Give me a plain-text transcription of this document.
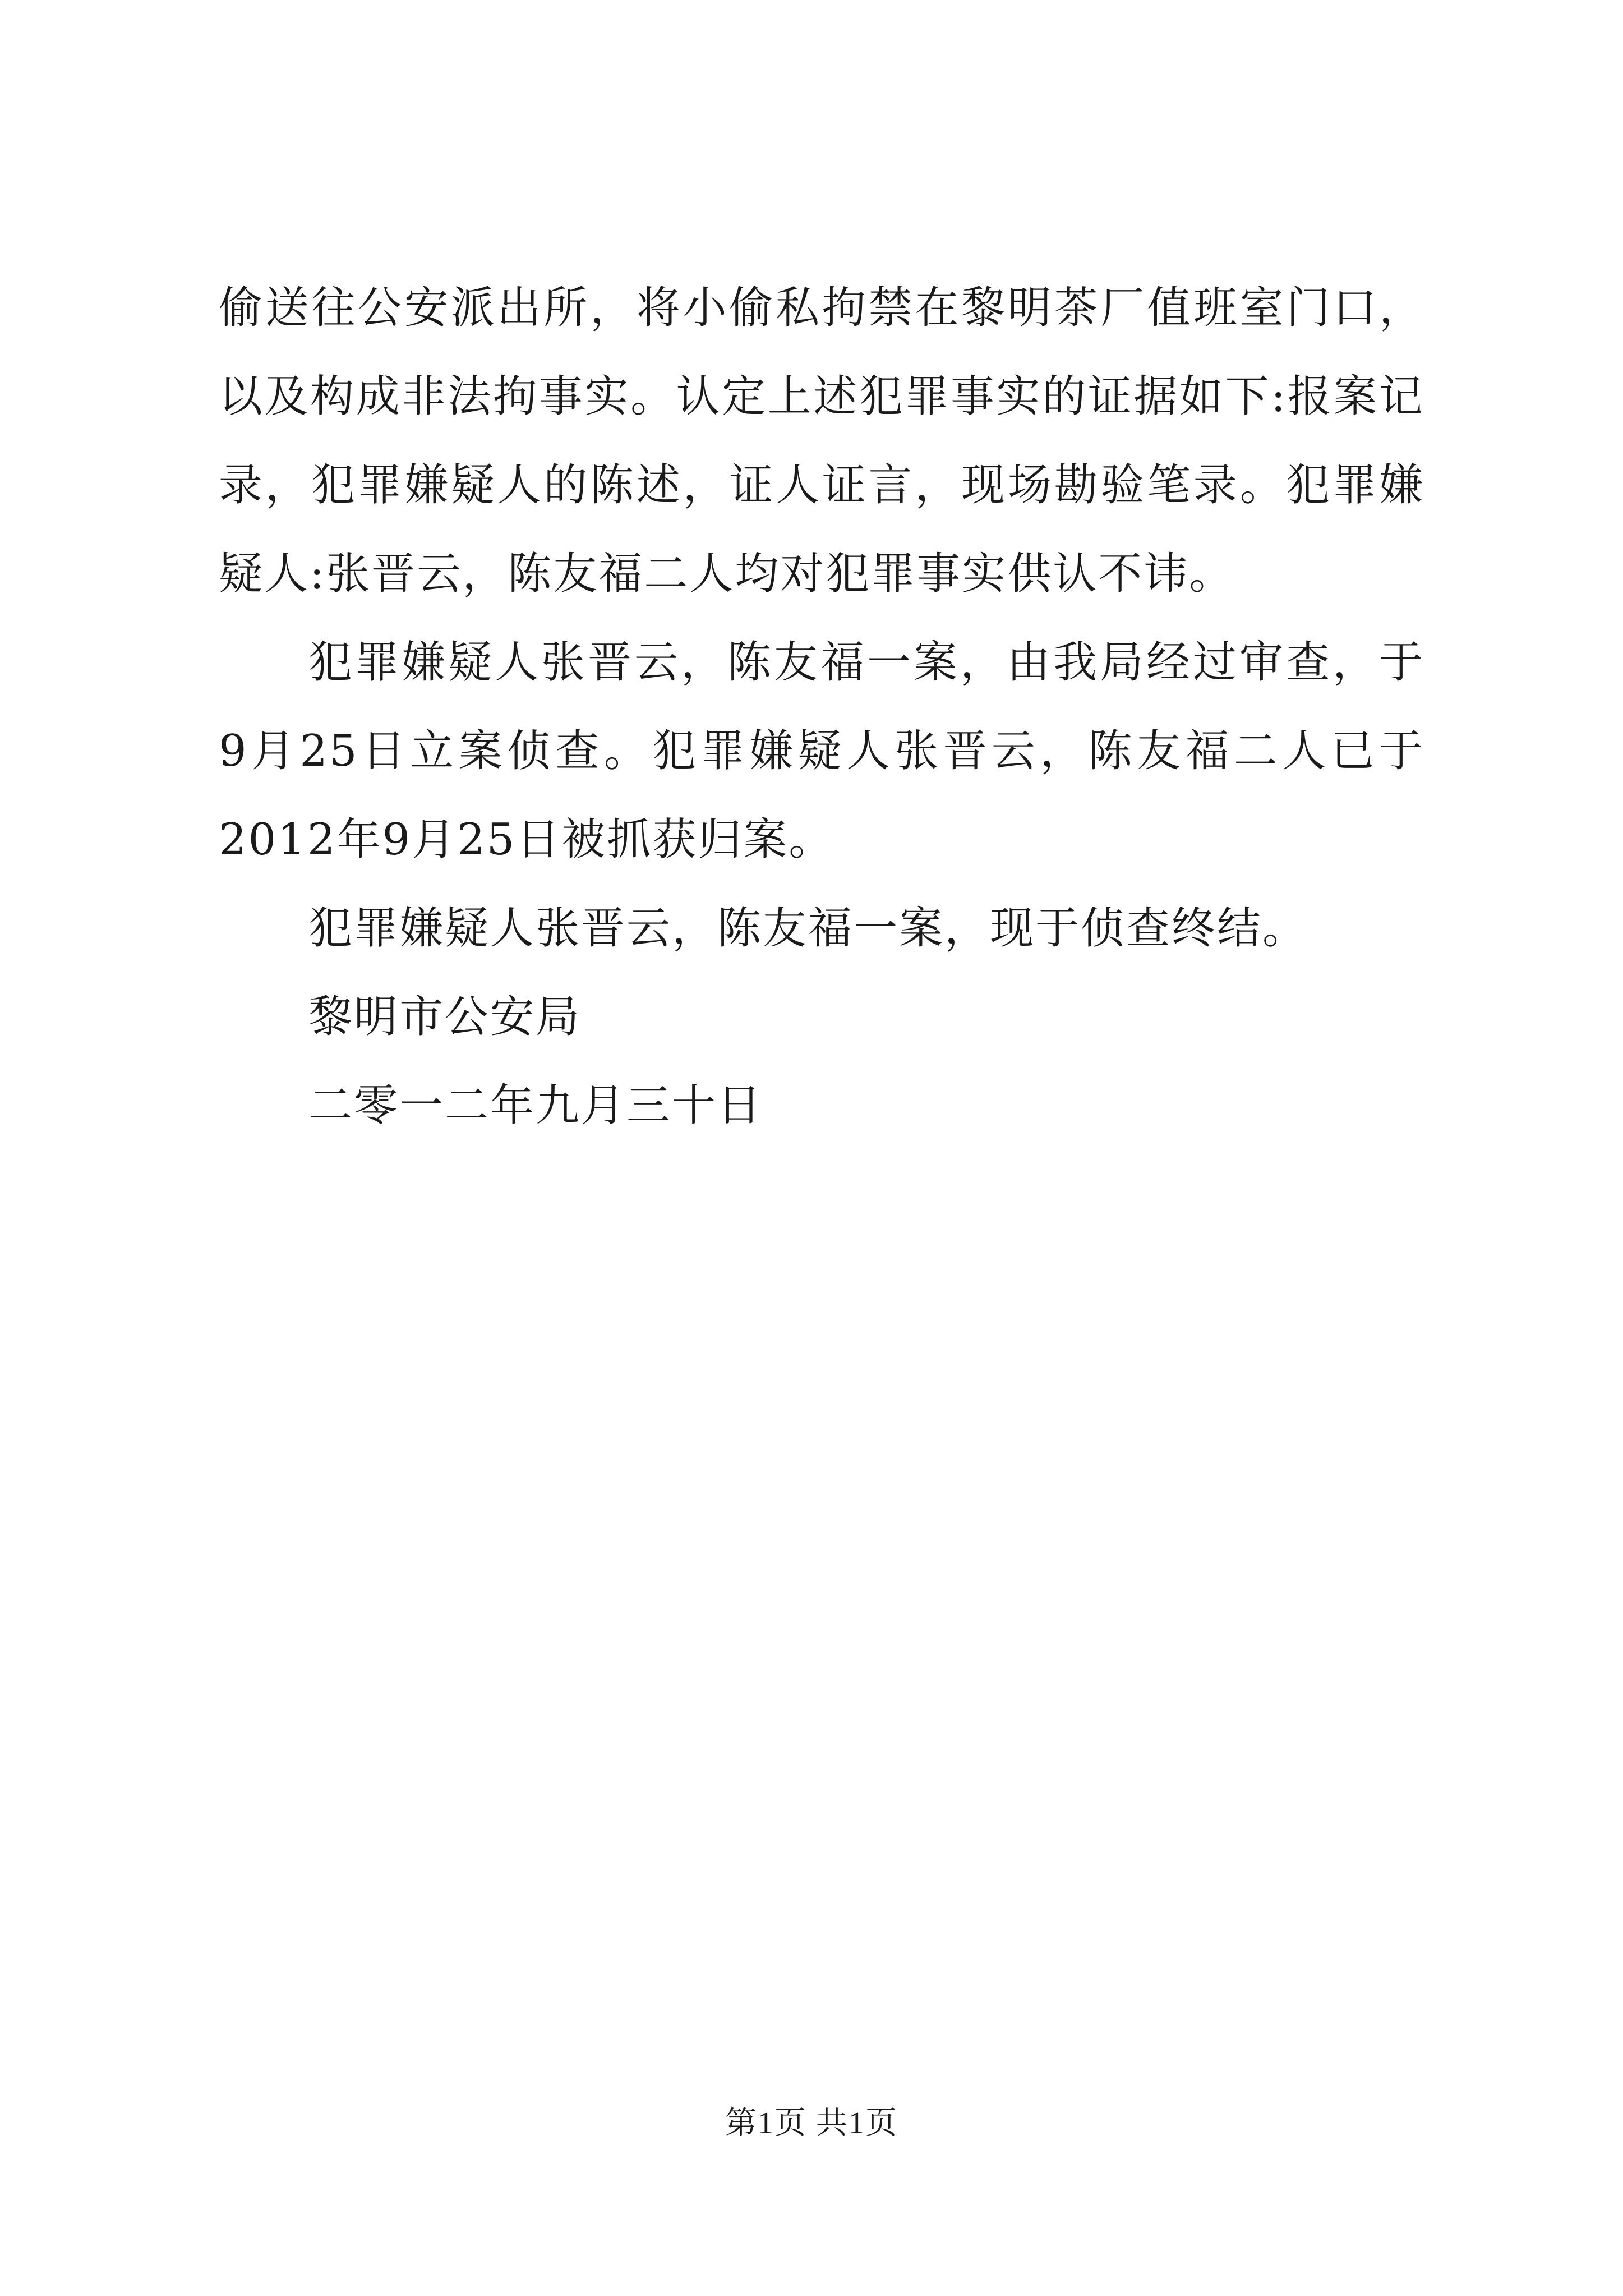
偷送往公安派出所，将小偷私拘禁在黎明茶厂值班室门口，以及构成非法拘事实。认定上述犯罪事实的证据如下:报案记录，犯罪嫌疑人的陈述，证人证言，现场勘验笔录。犯罪嫌疑人:张晋云，陈友福二人均对犯罪事实供认不讳。

犯罪嫌疑人张晋云，陈友福一案，由我局经过审查，于9月25日立案侦查。犯罪嫌疑人张晋云，陈友福二人已于2012年9月25日被抓获归案。

犯罪嫌疑人张晋云，陈友福一案，现于侦查终结。

黎明市公安局

二零一二年九月三十日

第1页 共1页
